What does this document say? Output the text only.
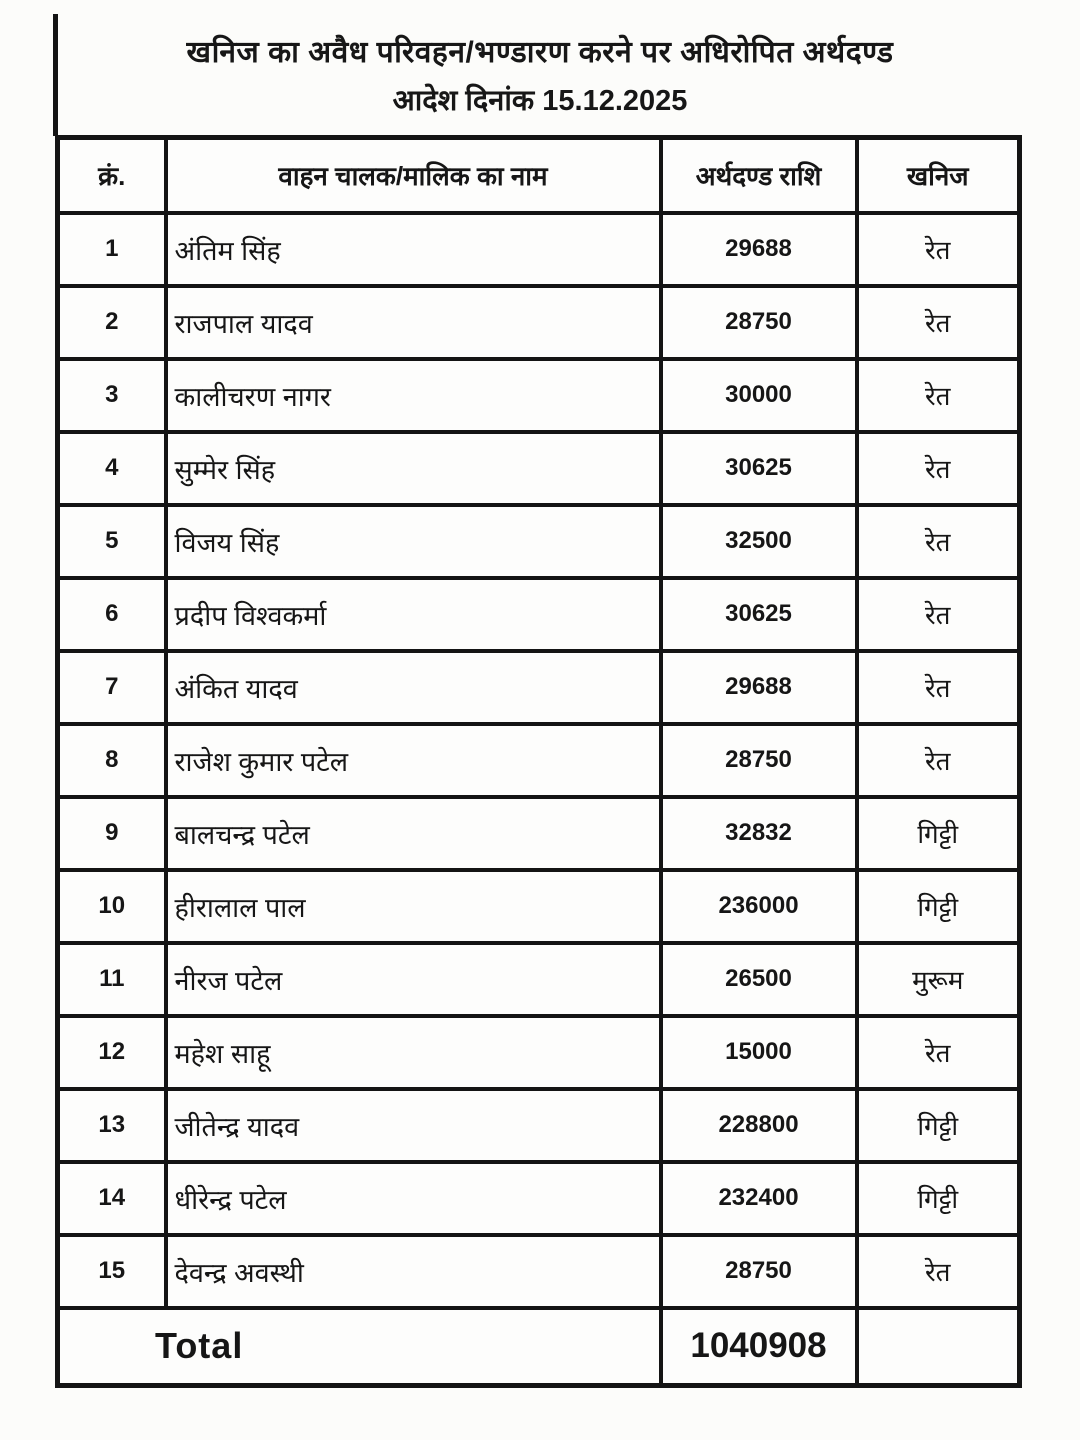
खनिज का अवैध परिवहन/भण्डारण करने पर अधिरोपित अर्थदण्ड
आदेश दिनांक 15.12.2025
क्रं.	वाहन चालक/मालिक का नाम	अर्थदण्ड राशि	खनिज
1	अंतिम सिंह	29688	रेत
2	राजपाल यादव	28750	रेत
3	कालीचरण नागर	30000	रेत
4	सुम्मेर सिंह	30625	रेत
5	विजय सिंह	32500	रेत
6	प्रदीप विश्वकर्मा	30625	रेत
7	अंकित यादव	29688	रेत
8	राजेश कुमार पटेल	28750	रेत
9	बालचन्द्र पटेल	32832	गिट्टी
10	हीरालाल पाल	236000	गिट्टी
11	नीरज पटेल	26500	मुरूम
12	महेश साहू	15000	रेत
13	जीतेन्द्र यादव	228800	गिट्टी
14	धीरेन्द्र पटेल	232400	गिट्टी
15	देवन्द्र अवस्थी	28750	रेत
Total		1040908	
